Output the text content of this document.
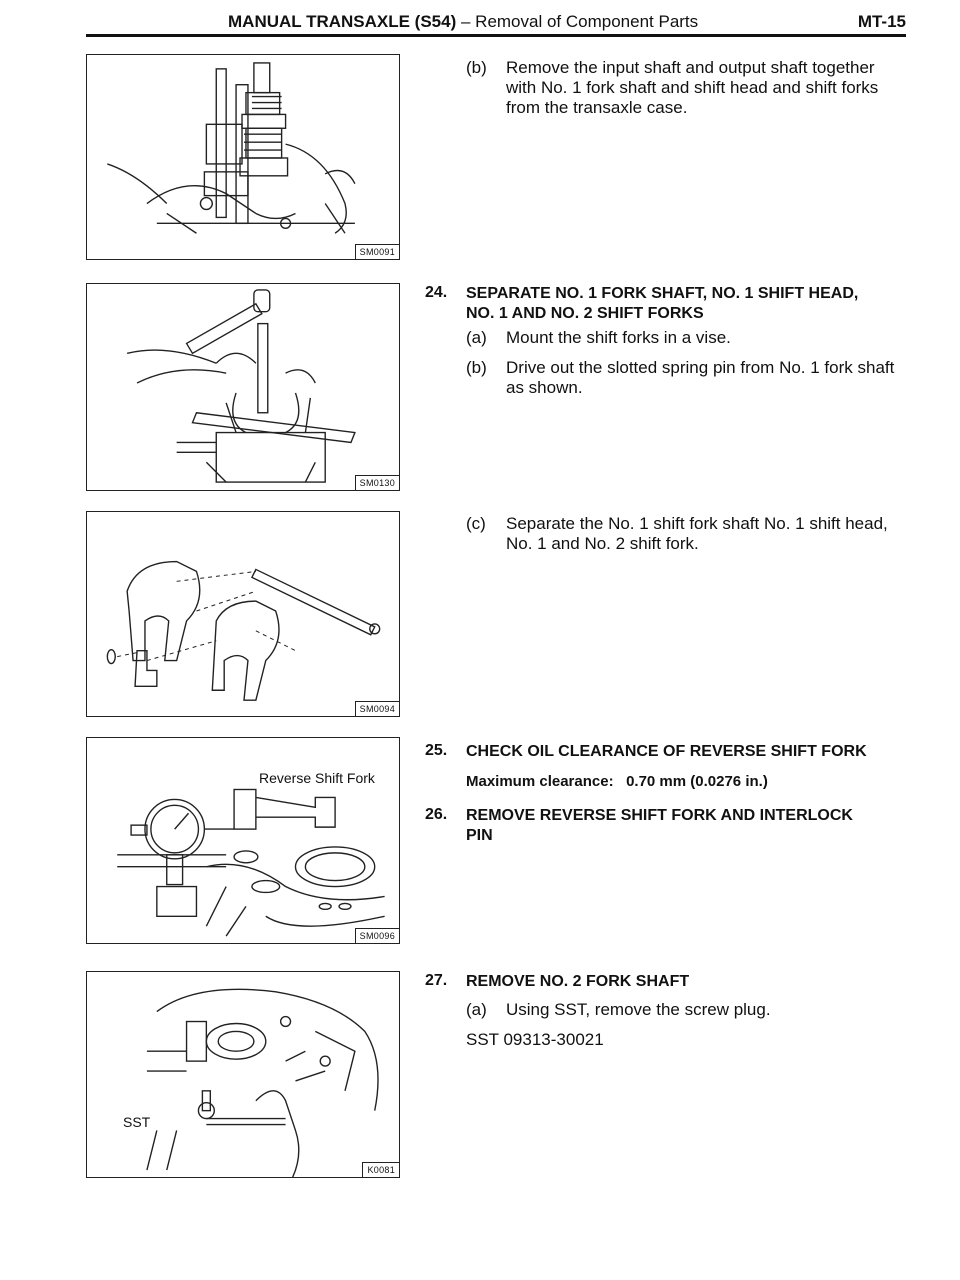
MANUAL TRANSAXLE (S54) – Removal of Component Parts	MT-15
SM0091
SM0130
SM0094
Reverse Shift Fork
SM0096
SST
K0081
(b) Remove the input shaft and output shaft together
with No. 1 fork shaft and shift head and shift forks
from the transaxle case.
24. SEPARATE NO. 1 FORK SHAFT, NO. 1 SHIFT HEAD,
NO. 1 AND NO. 2 SHIFT FORKS
(a) Mount the shift forks in a vise.
(b) Drive out the slotted spring pin from No. 1 fork shaft
as shown.
(c) Separate the No. 1 shift fork shaft No. 1 shift head,
No. 1 and No. 2 shift fork.
25. CHECK OIL CLEARANCE OF REVERSE SHIFT FORK
Maximum clearance:   0.70 mm (0.0276 in.)
26. REMOVE REVERSE SHIFT FORK AND INTERLOCK
PIN
27. REMOVE NO. 2 FORK SHAFT
(a) Using SST, remove the screw plug.
SST 09313-30021
